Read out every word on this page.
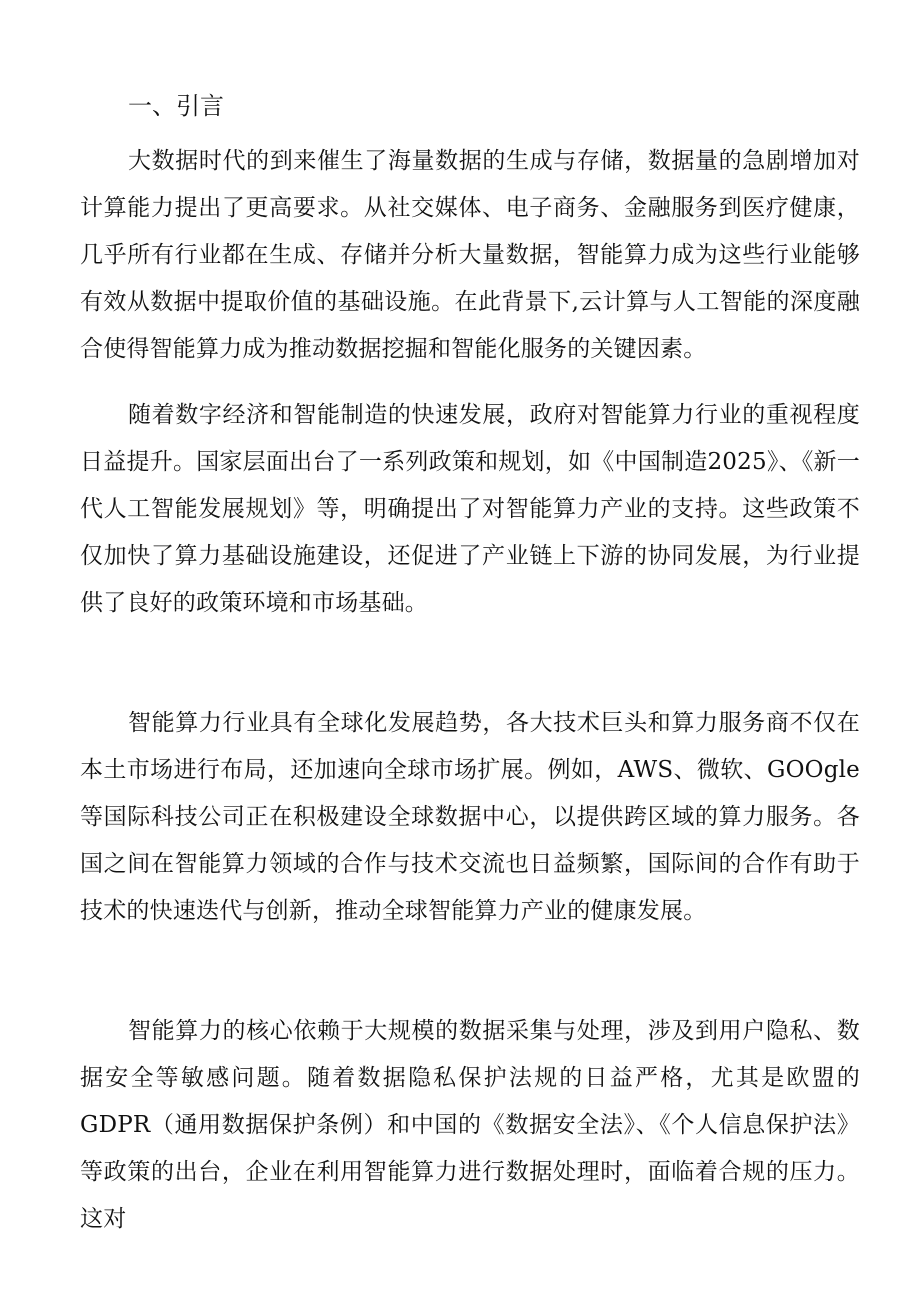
一、引言

大数据时代的到来催生了海量数据的生成与存储，数据量的急剧增加对计算能力提出了更高要求。从社交媒体、电子商务、金融服务到医疗健康，几乎所有行业都在生成、存储并分析大量数据，智能算力成为这些行业能够有效从数据中提取价值的基础设施。在此背景下,云计算与人工智能的深度融合使得智能算力成为推动数据挖掘和智能化服务的关键因素。

随着数字经济和智能制造的快速发展，政府对智能算力行业的重视程度日益提升。国家层面出台了一系列政策和规划，如《中国制造2025》、《新一代人工智能发展规划》等，明确提出了对智能算力产业的支持。这些政策不仅加快了算力基础设施建设，还促进了产业链上下游的协同发展，为行业提供了良好的政策环境和市场基础。

智能算力行业具有全球化发展趋势，各大技术巨头和算力服务商不仅在本土市场进行布局，还加速向全球市场扩展。例如，AWS、微软、GOOgle等国际科技公司正在积极建设全球数据中心，以提供跨区域的算力服务。各国之间在智能算力领域的合作与技术交流也日益频繁，国际间的合作有助于技术的快速迭代与创新，推动全球智能算力产业的健康发展。

智能算力的核心依赖于大规模的数据采集与处理，涉及到用户隐私、数据安全等敏感问题。随着数据隐私保护法规的日益严格，尤其是欧盟的GDPR（通用数据保护条例）和中国的《数据安全法》、《个人信息保护法》等政策的出台，企业在利用智能算力进行数据处理时，面临着合规的压力。这对
